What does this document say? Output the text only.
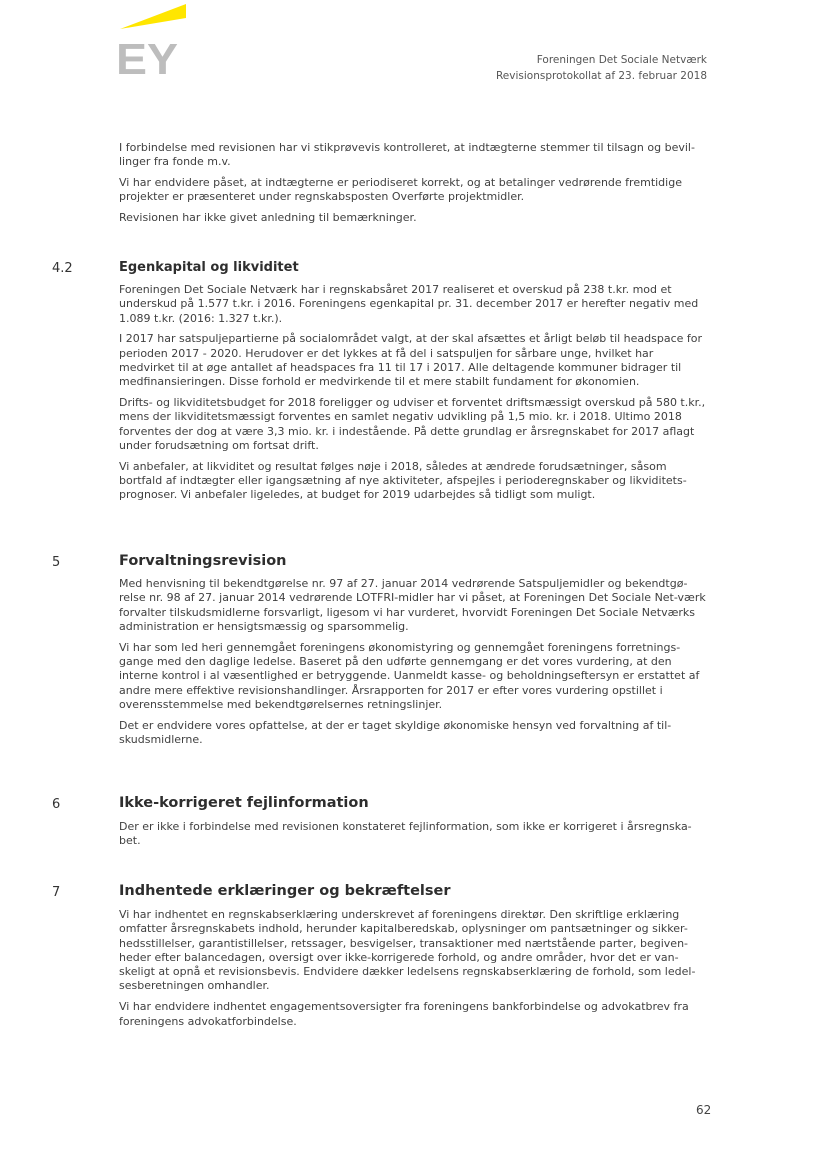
EY	Foreningen Det Sociale Netværk
Revisionsprotokollat af 23. februar 2018

I forbindelse med revisionen har vi stikprøvevis kontrolleret, at indtægterne stemmer til tilsagn og bevil-linger fra fonde m.v.

Vi har endvidere påset, at indtægterne er periodiseret korrekt, og at betalinger vedrørende fremtidige projekter er præsenteret under regnskabsposten Overførte projektmidler.

Revisionen har ikke givet anledning til bemærkninger.

4.2	Egenkapital og likviditet

Foreningen Det Sociale Netværk har i regnskabsåret 2017 realiseret et overskud på 238 t.kr. mod et underskud på 1.577 t.kr. i 2016. Foreningens egenkapital pr. 31. december 2017 er herefter negativ med 1.089 t.kr. (2016: 1.327 t.kr.).

I 2017 har satspuljepartierne på socialområdet valgt, at der skal afsættes et årligt beløb til headspace for perioden 2017 - 2020. Herudover er det lykkes at få del i satspuljen for sårbare unge, hvilket har medvirket til at øge antallet af headspaces fra 11 til 17 i 2017. Alle deltagende kommuner bidrager til medfinansieringen. Disse forhold er medvirkende til et mere stabilt fundament for økonomien.

Drifts- og likviditetsbudget for 2018 foreligger og udviser et forventet driftsmæssigt overskud på 580 t.kr., mens der likviditetsmæssigt forventes en samlet negativ udvikling på 1,5 mio. kr. i 2018. Ultimo 2018 forventes der dog at være 3,3 mio. kr. i indestående. På dette grundlag er årsregnskabet for 2017 aflagt under forudsætning om fortsat drift.

Vi anbefaler, at likviditet og resultat følges nøje i 2018, således at ændrede forudsætninger, såsom bortfald af indtægter eller igangsætning af nye aktiviteter, afspejles i perioderegnskaber og likviditets-prognoser. Vi anbefaler ligeledes, at budget for 2019 udarbejdes så tidligt som muligt.

5	Forvaltningsrevision

Med henvisning til bekendtgørelse nr. 97 af 27. januar 2014 vedrørende Satspuljemidler og bekendtgø-relse nr. 98 af 27. januar 2014 vedrørende LOTFRI-midler har vi påset, at Foreningen Det Sociale Net-værk forvalter tilskudsmidlerne forsvarligt, ligesom vi har vurderet, hvorvidt Foreningen Det Sociale Netværks administration er hensigtsmæssig og sparsommelig.

Vi har som led heri gennemgået foreningens økonomistyring og gennemgået foreningens forretnings-gange med den daglige ledelse. Baseret på den udførte gennemgang er det vores vurdering, at den interne kontrol i al væsentlighed er betryggende. Uanmeldt kasse- og beholdningseftersyn er erstattet af andre mere effektive revisionshandlinger. Årsrapporten for 2017 er efter vores vurdering opstillet i overensstemmelse med bekendtgørelsernes retningslinjer.

Det er endvidere vores opfattelse, at der er taget skyldige økonomiske hensyn ved forvaltning af til-skudsmidlerne.

6	Ikke-korrigeret fejlinformation

Der er ikke i forbindelse med revisionen konstateret fejlinformation, som ikke er korrigeret i årsregnska-bet.

7	Indhentede erklæringer og bekræftelser

Vi har indhentet en regnskabserklæring underskrevet af foreningens direktør. Den skriftlige erklæring omfatter årsregnskabets indhold, herunder kapitalberedskab, oplysninger om pantsætninger og sikker-hedsstillelser, garantistillelser, retssager, besvigelser, transaktioner med nærtstående parter, begiven-heder efter balancedagen, oversigt over ikke-korrigerede forhold, og andre områder, hvor det er van-skeligt at opnå et revisionsbevis. Endvidere dækker ledelsens regnskabserklæring de forhold, som ledel-sesberetningen omhandler.

Vi har endvidere indhentet engagementsoversigter fra foreningens bankforbindelse og advokatbrev fra foreningens advokatforbindelse.

62
